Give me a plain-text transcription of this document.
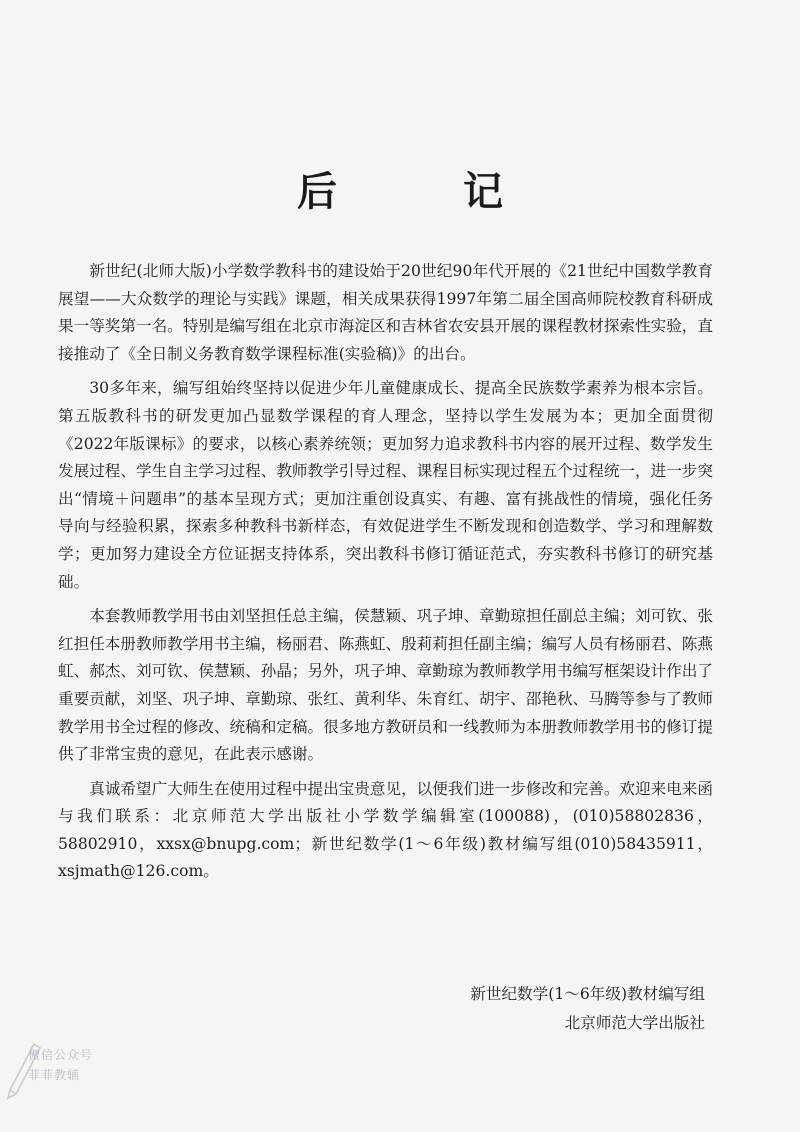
后 记

新世纪(北师大版)小学数学教科书的建设始于20世纪90年代开展的《21世纪中国数学教育展望——大众数学的理论与实践》课题，相关成果获得1997年第二届全国高师院校教育科研成果一等奖第一名。特别是编写组在北京市海淀区和吉林省农安县开展的课程教材探索性实验，直接推动了《全日制义务教育数学课程标准(实验稿)》的出台。

30多年来，编写组始终坚持以促进少年儿童健康成长、提高全民族数学素养为根本宗旨。第五版教科书的研发更加凸显数学课程的育人理念，坚持以学生发展为本；更加全面贯彻《2022年版课标》的要求，以核心素养统领；更加努力追求教科书内容的展开过程、数学发生发展过程、学生自主学习过程、教师教学引导过程、课程目标实现过程五个过程统一，进一步突出“情境＋问题串”的基本呈现方式；更加注重创设真实、有趣、富有挑战性的情境，强化任务导向与经验积累，探索多种教科书新样态，有效促进学生不断发现和创造数学、学习和理解数学；更加努力建设全方位证据支持体系，突出教科书修订循证范式，夯实教科书修订的研究基础。

本套教师教学用书由刘坚担任总主编，侯慧颖、巩子坤、章勤琼担任副总主编；刘可钦、张红担任本册教师教学用书主编，杨丽君、陈燕虹、殷莉莉担任副主编；编写人员有杨丽君、陈燕虹、郝杰、刘可钦、侯慧颖、孙晶；另外，巩子坤、章勤琼为教师教学用书编写框架设计作出了重要贡献，刘坚、巩子坤、章勤琼、张红、黄利华、朱育红、胡宇、邵艳秋、马腾等参与了教师教学用书全过程的修改、统稿和定稿。很多地方教研员和一线教师为本册教师教学用书的修订提供了非常宝贵的意见，在此表示感谢。

真诚希望广大师生在使用过程中提出宝贵意见，以便我们进一步修改和完善。欢迎来电来函与我们联系：北京师范大学出版社小学数学编辑室(100088)，(010)58802836，58802910，xxsx@bnupg.com；新世纪数学(1～6年级)教材编写组(010)58435911，xsjmath@126.com。

新世纪数学(1～6年级)教材编写组
北京师范大学出版社
微信公众号
菲菲教辅
